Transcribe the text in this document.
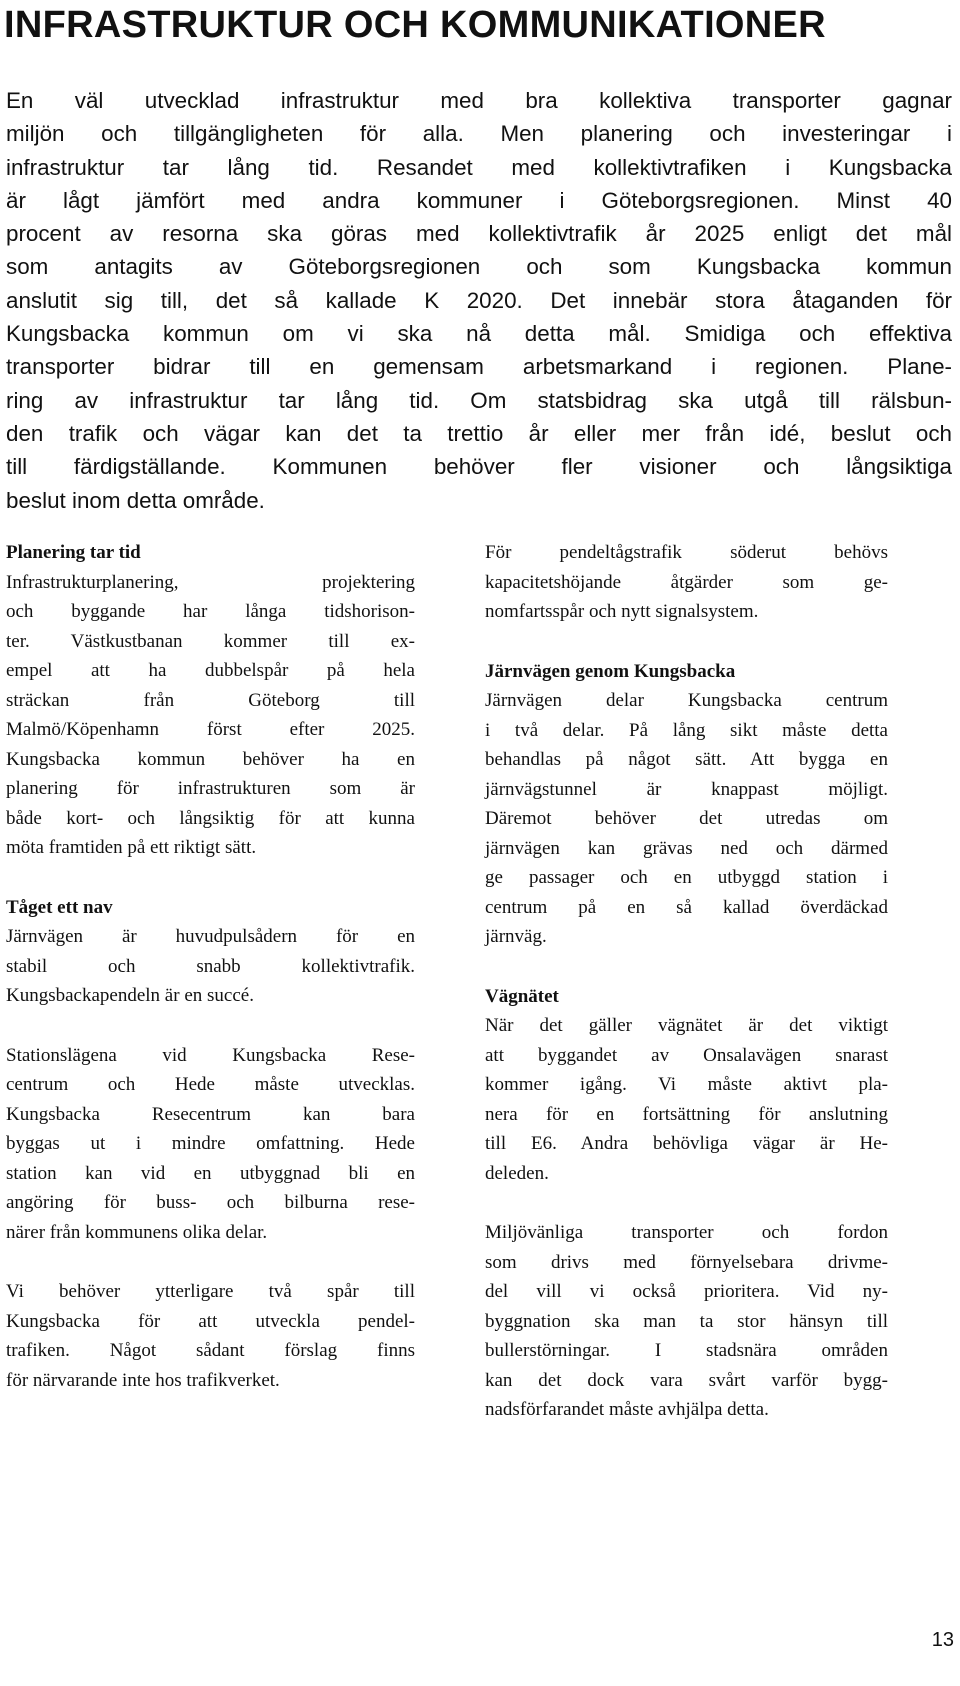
INFRASTRUKTUR OCH KOMMUNIKATIONER
En väl utvecklad infrastruktur med bra kollektiva transporter gagnar
miljön och tillgängligheten för alla. Men planering och investeringar i
infrastruktur tar lång tid. Resandet med kollektivtrafiken i Kungsbacka
är lågt jämfört med andra kommuner i Göteborgsregionen. Minst 40
procent av resorna ska göras med kollektivtrafik år 2025 enligt det mål
som antagits av Göteborgsregionen och som Kungsbacka kommun
anslutit sig till, det så kallade K 2020. Det innebär stora åtaganden för
Kungsbacka kommun om vi ska nå detta mål. Smidiga och effektiva
transporter bidrar till en gemensam arbetsmarkand i regionen. Plane-
ring av infrastruktur tar lång tid. Om statsbidrag ska utgå till rälsbun-
den trafik och vägar kan det ta trettio år eller mer från idé, beslut och
till färdigställande. Kommunen behöver fler visioner och långsiktiga
beslut inom detta område.
Planering tar tid
Infrastrukturplanering, projektering
och byggande har långa tidshorison-
ter. Västkustbanan kommer till ex-
empel att ha dubbelspår på hela
sträckan från Göteborg till
Malmö/Köpenhamn först efter 2025.
Kungsbacka kommun behöver ha en
planering för infrastrukturen som är
både kort- och långsiktig för att kunna
möta framtiden på ett riktigt sätt.
Tåget ett nav
Järnvägen är huvudpulsådern för en
stabil och snabb kollektivtrafik.
Kungsbackapendeln är en succé.
Stationslägena vid Kungsbacka Rese-
centrum och Hede måste utvecklas.
Kungsbacka Resecentrum kan bara
byggas ut i mindre omfattning. Hede
station kan vid en utbyggnad bli en
angöring för buss- och bilburna rese-
närer från kommunens olika delar.
Vi behöver ytterligare två spår till
Kungsbacka för att utveckla pendel-
trafiken. Något sådant förslag finns
för närvarande inte hos trafikverket.
För pendeltågstrafik söderut behövs
kapacitetshöjande åtgärder som ge-
nomfartsspår och nytt signalsystem.
Järnvägen genom Kungsbacka
Järnvägen delar Kungsbacka centrum
i två delar. På lång sikt måste detta
behandlas på något sätt. Att bygga en
järnvägstunnel är knappast möjligt.
Däremot behöver det utredas om
järnvägen kan grävas ned och därmed
ge passager och en utbyggd station i
centrum på en så kallad överdäckad
järnväg.
Vägnätet
När det gäller vägnätet är det viktigt
att byggandet av Onsalavägen snarast
kommer igång. Vi måste aktivt pla-
nera för en fortsättning för anslutning
till E6. Andra behövliga vägar är He-
deleden.
Miljövänliga transporter och fordon
som drivs med förnyelsebara drivme-
del vill vi också prioritera. Vid ny-
byggnation ska man ta stor hänsyn till
bullerstörningar. I stadsnära områden
kan det dock vara svårt varför bygg-
nadsförfarandet måste avhjälpa detta.
13
